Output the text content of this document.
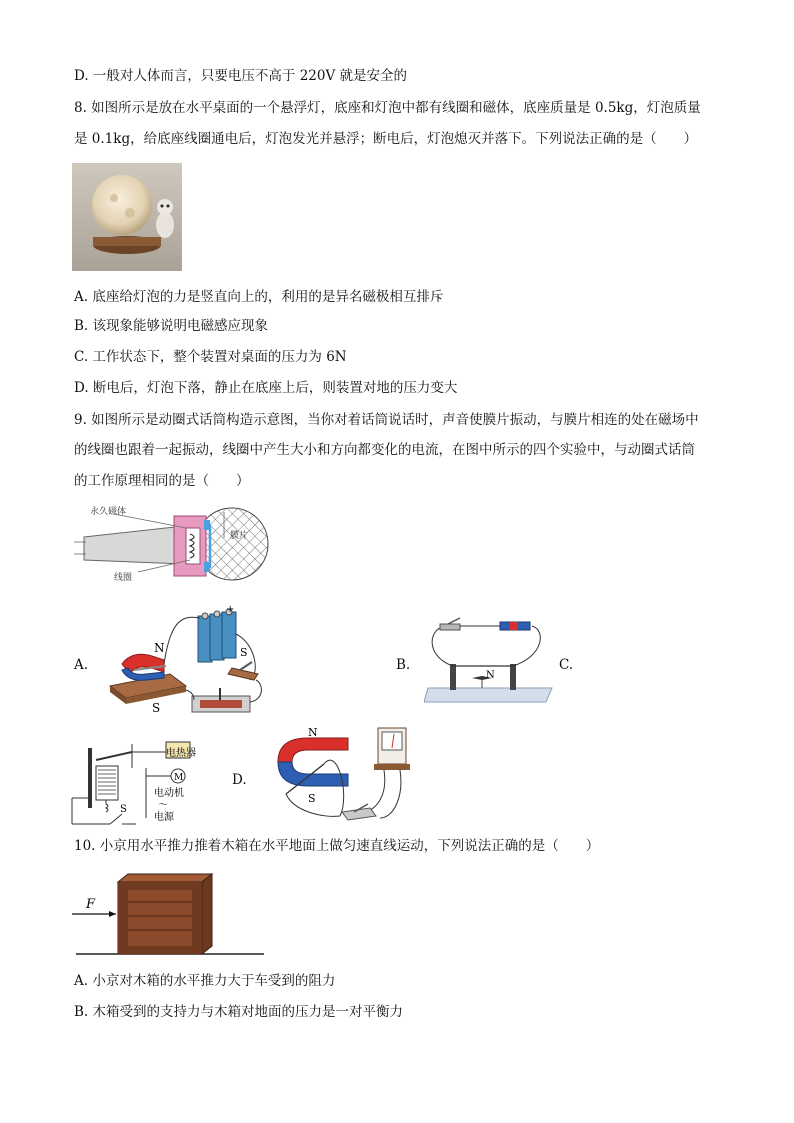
D. 一般对人体而言，只要电压不高于 220V 就是安全的
8. 如图所示是放在水平桌面的一个悬浮灯，底座和灯泡中都有线圈和磁体，底座质量是 0.5kg，灯泡质量
是 0.1kg，给底座线圈通电后，灯泡发光并悬浮；断电后，灯泡熄灭并落下。下列说法正确的是（　　）
A. 底座给灯泡的力是竖直向上的，利用的是异名磁极相互排斥
B. 该现象能够说明电磁感应现象
C. 工作状态下，整个装置对桌面的压力为 6N
D. 断电后，灯泡下落，静止在底座上后，则装置对地的压力变大
9. 如图所示是动圈式话筒构造示意图，当你对着话筒说话时，声音使膜片振动，与膜片相连的处在磁场中
的线圈也跟着一起振动，线圈中产生大小和方向都变化的电流，在图中所示的四个实验中，与动圈式话筒
的工作原理相同的是（　　）
永久磁体
膜片
线圈
A.	B.	C.
N
S
S
+
N
电热器
M
电动机
～
电源
S
D.
N
S
10. 小京用水平推力推着木箱在水平地面上做匀速直线运动，下列说法正确的是（　　）
F
A. 小京对木箱的水平推力大于车受到的阻力
B. 木箱受到的支持力与木箱对地面的压力是一对平衡力
